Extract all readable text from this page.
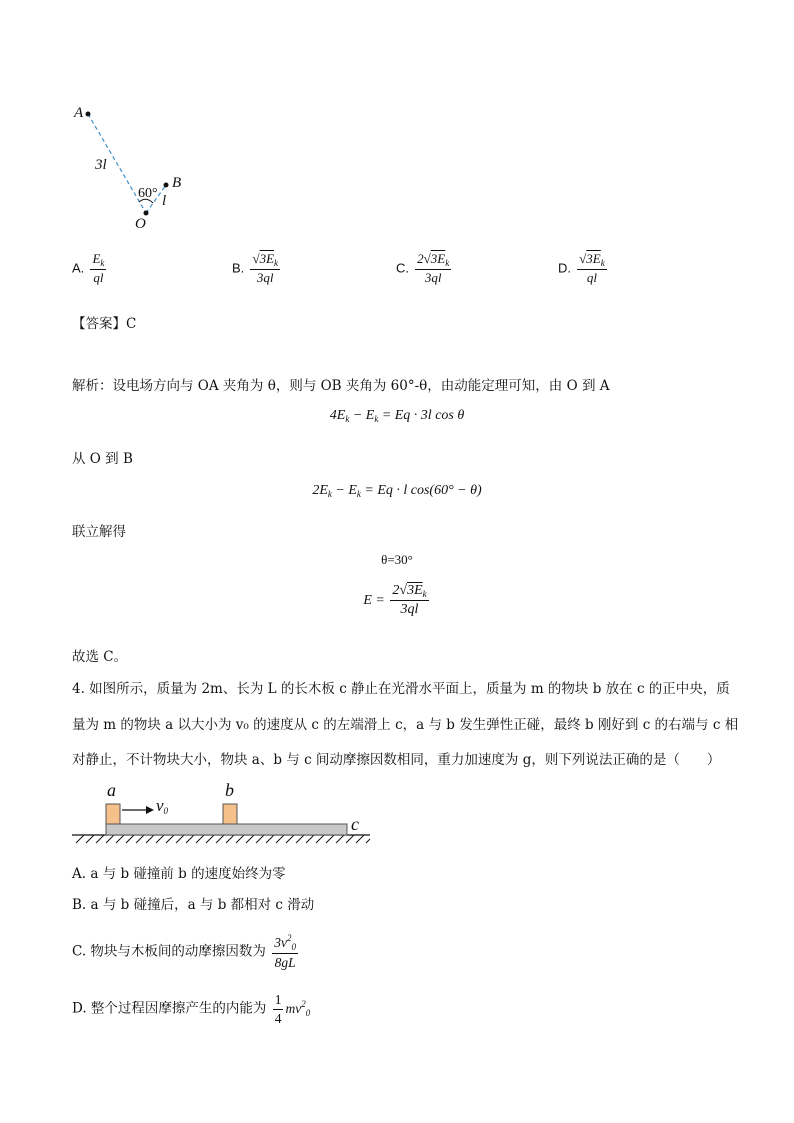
A
3l
60°
B
l
O
A. $\frac{E_k}{ql}$	B. $\frac{√3E_k}{3ql}$	C. $\frac{2√3E_k}{3ql}$	D. $\frac{√3E_k}{ql}$
【答案】C
解析：设电场方向与 OA 夹角为 θ，则与 OB 夹角为 60°-θ，由动能定理可知，由 O 到 A
$4E_k - E_k = Eq \cdot 3l$ cos θ
从 O 到 B
$2E_k - E_k = Eq \cdot l$ cos(60° − θ)
联立解得
θ=30°
$E = \frac{2√3E_k}{3ql}$
故选 C。
4. 如图所示，质量为 2m、长为 L 的长木板 c 静止在光滑水平面上，质量为 m 的物块 b 放在 c 的正中央，质
量为 m 的物块 a 以大小为 v₀ 的速度从 c 的左端滑上 c，a 与 b 发生弹性正碰，最终 b 刚好到 c 的右端与 c 相
对静止，不计物块大小，物块 a、b 与 c 间动摩擦因数相同，重力加速度为 g，则下列说法正确的是（　　）
a	b
$v_0$
c
A. a 与 b 碰撞前 b 的速度始终为零
B. a 与 b 碰撞后，a 与 b 都相对 c 滑动
C. 物块与木板间的动摩擦因数为 $\frac{3v^2_0}{8gL}$
D. 整个过程因摩擦产生的内能为 $\frac{1}{4} mv^2_0$
